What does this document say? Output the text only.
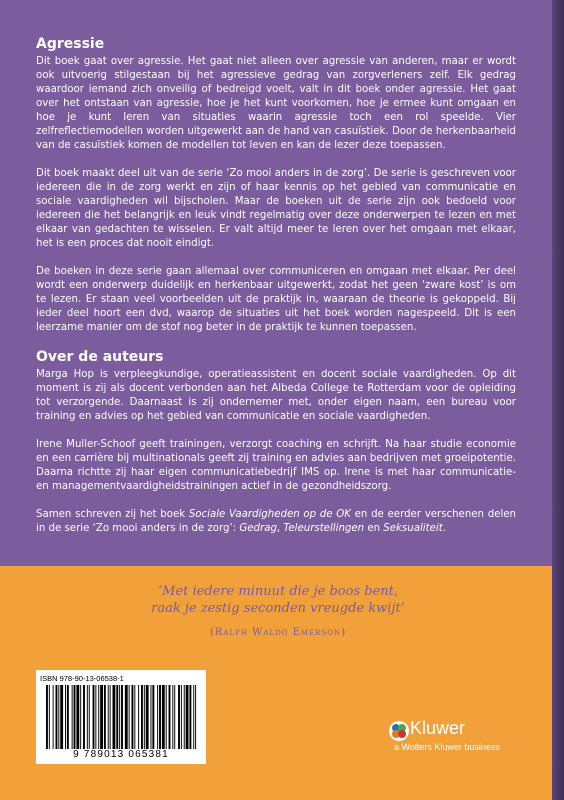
Agressie

Dit boek gaat over agressie. Het gaat niet alleen over agressie van anderen, maar er wordt ook uitvoerig stilgestaan bij het agressieve gedrag van zorgverleners zelf. Elk gedrag waardoor iemand zich onveilig of bedreigd voelt, valt in dit boek onder agressie. Het gaat over het ontstaan van agressie, hoe je het kunt voorkomen, hoe je ermee kunt omgaan en hoe je kunt leren van situaties waarin agressie toch een rol speelde. Vier zelfreflectiemodellen worden uitgewerkt aan de hand van casuïstiek. Door de herkenbaarheid van de casuïstiek komen de modellen tot leven en kan de lezer deze toepassen.

Dit boek maakt deel uit van de serie ‘Zo mooi anders in de zorg’. De serie is geschreven voor iedereen die in de zorg werkt en zijn of haar kennis op het gebied van communicatie en sociale vaardigheden wil bijscholen. Maar de boeken uit de serie zijn ook bedoeld voor iedereen die het belangrijk en leuk vindt regelmatig over deze onderwerpen te lezen en met elkaar van gedachten te wisselen. Er valt altijd meer te leren over het omgaan met elkaar, het is een proces dat nooit eindigt.

De boeken in deze serie gaan allemaal over communiceren en omgaan met elkaar. Per deel wordt een onderwerp duidelijk en herkenbaar uitgewerkt, zodat het geen ‘zware kost’ is om te lezen. Er staan veel voorbeelden uit de praktijk in, waaraan de theorie is gekoppeld. Bij ieder deel hoort een dvd, waarop de situaties uit het boek worden nagespeeld. Dit is een leerzame manier om de stof nog beter in de praktijk te kunnen toepassen.

Over de auteurs

Marga Hop is verpleegkundige, operatieassistent en docent sociale vaardigheden. Op dit moment is zij als docent verbonden aan het Albeda College te Rotterdam voor de opleiding tot verzorgende. Daarnaast is zij ondernemer met, onder eigen naam, een bureau voor training en advies op het gebied van communicatie en sociale vaardigheden.

Irene Muller-Schoof geeft trainingen, verzorgt coaching en schrijft. Na haar studie economie en een carrière bij multinationals geeft zij training en advies aan bedrijven met groeipotentie. Daarna richtte zij haar eigen communicatiebedrijf IMS op. Irene is met haar communicatie- en managementvaardigheidstrainingen actief in de gezondheidszorg.

Samen schreven zij het boek Sociale Vaardigheden op de OK en de eerder verschenen delen in de serie ‘Zo mooi anders in de zorg’: Gedrag, Teleurstellingen en Seksualiteit.

‘Met iedere minuut die je boos bent,
raak je zestig seconden vreugde kwijt’
(Ralph Waldo Emerson)
ISBN 978-90-13-06538-1
9 789013 065381
Kluwer
a Wolters Kluwer business
